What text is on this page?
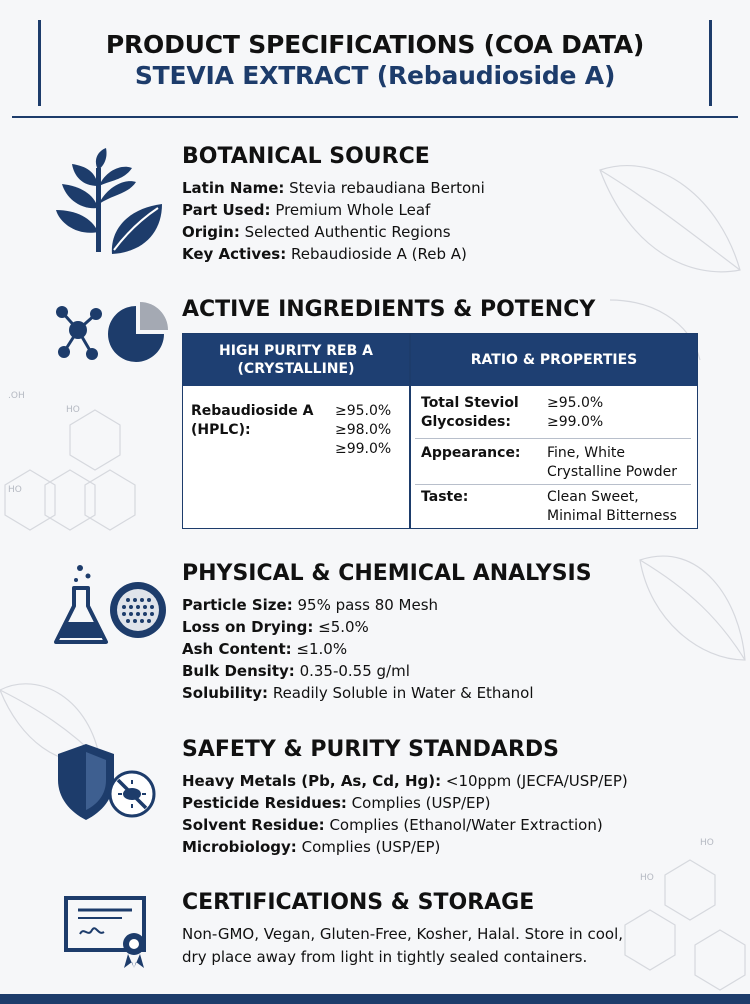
HO
.OH
HO
HO
HO
PRODUCT SPECIFICATIONS (COA DATA)
STEVIA EXTRACT (Rebaudioside A)
BOTANICAL SOURCE
Latin Name: Stevia rebaudiana Bertoni
Part Used: Premium Whole Leaf
Origin: Selected Authentic Regions
Key Actives: Rebaudioside A (Reb A)
ACTIVE INGREDIENTS & POTENCY
HIGH PURITY REB A (CRYSTALLINE)
RATIO & PROPERTIES
Rebaudioside A (HPLC):
≥95.0%
≥98.0%
≥99.0%
Total Steviol Glycosides:
≥95.0% ≥99.0%
Appearance:	Fine, White Crystalline Powder
Taste:	Clean Sweet, Minimal Bitterness
PHYSICAL & CHEMICAL ANALYSIS
Particle Size: 95% pass 80 Mesh
Loss on Drying: ≤5.0%
Ash Content: ≤1.0%
Bulk Density: 0.35-0.55 g/ml
Solubility: Readily Soluble in Water & Ethanol
SAFETY & PURITY STANDARDS
Heavy Metals (Pb, As, Cd, Hg): <10ppm (JECFA/USP/EP)
Pesticide Residues: Complies (USP/EP)
Solvent Residue: Complies (Ethanol/Water Extraction)
Microbiology: Complies (USP/EP)
CERTIFICATIONS & STORAGE
Non-GMO, Vegan, Gluten-Free, Kosher, Halal. Store in cool,
dry place away from light in tightly sealed containers.
